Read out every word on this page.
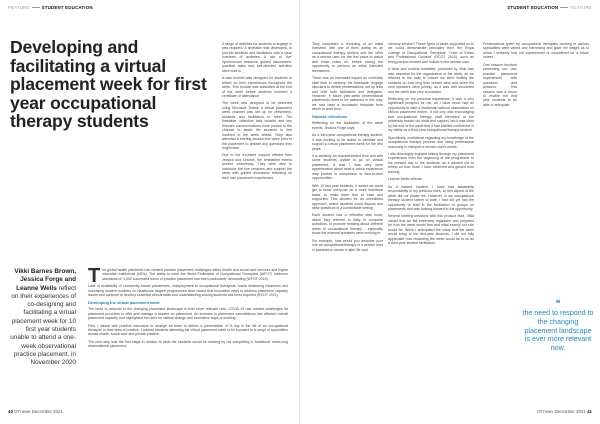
FEATURE	STUDENT EDUCATION
Developing and facilitating a virtual placement week for first year occupational therapy students
Vikki Barnes Brown, Jessica Forge and Leanne Wells reflect on their experiences of co-designing and facilitating a virtual placement week for 10 first year students unable to attend a one-week observational practice placement, in November 2020

The global health pandemic has created practice placement challenges within health and social care services and higher education institutions (HEIs). The ability to meet the World Federation of Occupational Therapists (WFOT) minimum standards of '1,000 successful hours of practice placement has been particularly' demanding (WFOT 2016).

Lack of availability of community-based placements, redeployment of occupational therapists, social distancing measures and increasing student numbers on healthcare degree programmes have meant that innovative ways to address placement capacity issues and continue to develop essential clinical skills and understanding among students has been required (RCOT 2021).

Developing the virtual placement week

The need to respond to the changing placement landscape is ever more relevant now. COVID-19 has created challenges for placement providers to offer and manage a student on placement. An increase in placement cancellations has affected overall placement capacity and highlighted the need for radical change and innovative ways of working.

First, I liaised with practice educators to arrange for them to deliver a presentation of 'A day in the life of an occupational therapist' in their area of practice. I wanted students attending the virtual placement week to be exposed to a range of specialities across health, social care and private practice.

The next step was the first stage in relation to what the students would be missing by not completing a 'traditional' week-long observational placement.

A range of activities for students to engage in was required. A timetable was developed, to provide students and facilitators with a clear overview of activities. A mix of 'live' synchronous sessions, guided discussions, practical tasks and self-directed activities were built in.

A task booklet was designed for students to reflect on their experiences throughout the week. This booklet was submitted at the end of the week before students received a certificate of attendance.

The week was designed to be delivered using Microsoft Teams. A virtual placement week channel was set up for presenters, students and facilitators to meet. The timetable, reflective task booklet and key relevant communications were posted to the channel to assist the students to feel involved in the week ahead. They also attended a briefing session the week prior to the placement to answer any questions they might have.

Due to the excellent support offered from Jessica and Leanne, the timetabled events worked seamlessly. They were able to introduce the live sessions and support the week with guided discussion reflecting on their own placement experiences.

40 OTnews December 2021
STUDENT EDUCATION	FEATURE
OTnews December 2021 41

They completed a recording of an initial interview, with one of them acting as an occupational therapy student and the other as a service user, for the first years to watch and make notes on, before having the opportunity to perform an initial interview themselves.

There was an increased impact on university staff time to develop the timetable, engage clinicians to deliver presentations, set up links and brief both facilitators and delegates. However, if future year-week observational placements need to be delivered in this way, we now have a successful template from which to work from.

Student reflections

Reflecting on the facilitation of the week events, Jessica Forge says:

As a third-year occupational therapy student, it was exciting to be asked to facilitate and support a virtual placement week for the first years.

It is certainly an unprecedented time and with some students unable to go on clinical placement, it was I was very were apprehensive about what a virtual experience may provide in comparison to face-to-face opportunities.

With 10 first-year students, it meant we could get to know everyone on a more individual basis, to make them feel at ease and supported. This allowed for an uninhibited approach, where students could discuss and raise questions in a comfortable setting.

Each student had a reflective task book, which they referred to daily to complete questions, to promote thinking about different areas of occupational therapy - especially those the external speakers were working in.

For example, how would you describe your role as occupational therapy in a service user in paediatrics versus in later life and

memory service? These types of tasks supported us to we could demonstrate principles from the Royal College of Occupational Therapists' 'Code of Ethics and Professional Conduct' (RCOT 2015), such as being person-centred and holistic to the service user.

A clear and concise timetable, produced by Vikki was also essential for the organisation of the week, as we referred to the daily to ensure we were inviting the students on how long their breaks were and when the next speakers were joining, as it was well structured and the week was very successful.

Reflecting on my personal experience, it was a very significant prospect for me, as I have never had an opportunity to take a leadership without observation on clinical placement before. It not only was encouraging that occupational therapy staff members at the university trusted our skills and support, but it was clear by the end of the week that it had instilled confidence in my ability as a third-year occupational therapy student.

Specifically, confidence regarding my knowledge of the occupational therapy process and using professional reasoning to interpret a service user's needs.

I also thoroughly enjoyed talking through my placement experiences from the beginning of the programme to the present day to the students, as it allowed me to reflect on how much I have achieved and gained from training.

Leanne Wells reflects:

As a mature student, I have had leadership responsibility in my previous roles, so this aspect of the week did not phase me. However, in my occupational therapy student career to date, I had not yet had the opportunity to lead in the facilitation of groups on placements and was looking forward to the opportunity.

Several briefing sessions with this product lead, Vikki meant that we felt extremely organised and prepared for how the week would flow and what exactly our role would be. While I anticipated the value that the week would bring to the first-year students, I did not fully appreciate how rewarding the week would be to us as a third-year student facilitators.

Presentations given by occupational therapists working in various specialities were varied and interesting and gave me insight as to areas I certainly had not experienced or considered for a future career.

One session involved presenting our own practice placement experiences with questions and answers. This session was a forum to enable the first year students to be able to anticipate

❝
the need to respond to the changing placement landscape is ever more relevant now.
